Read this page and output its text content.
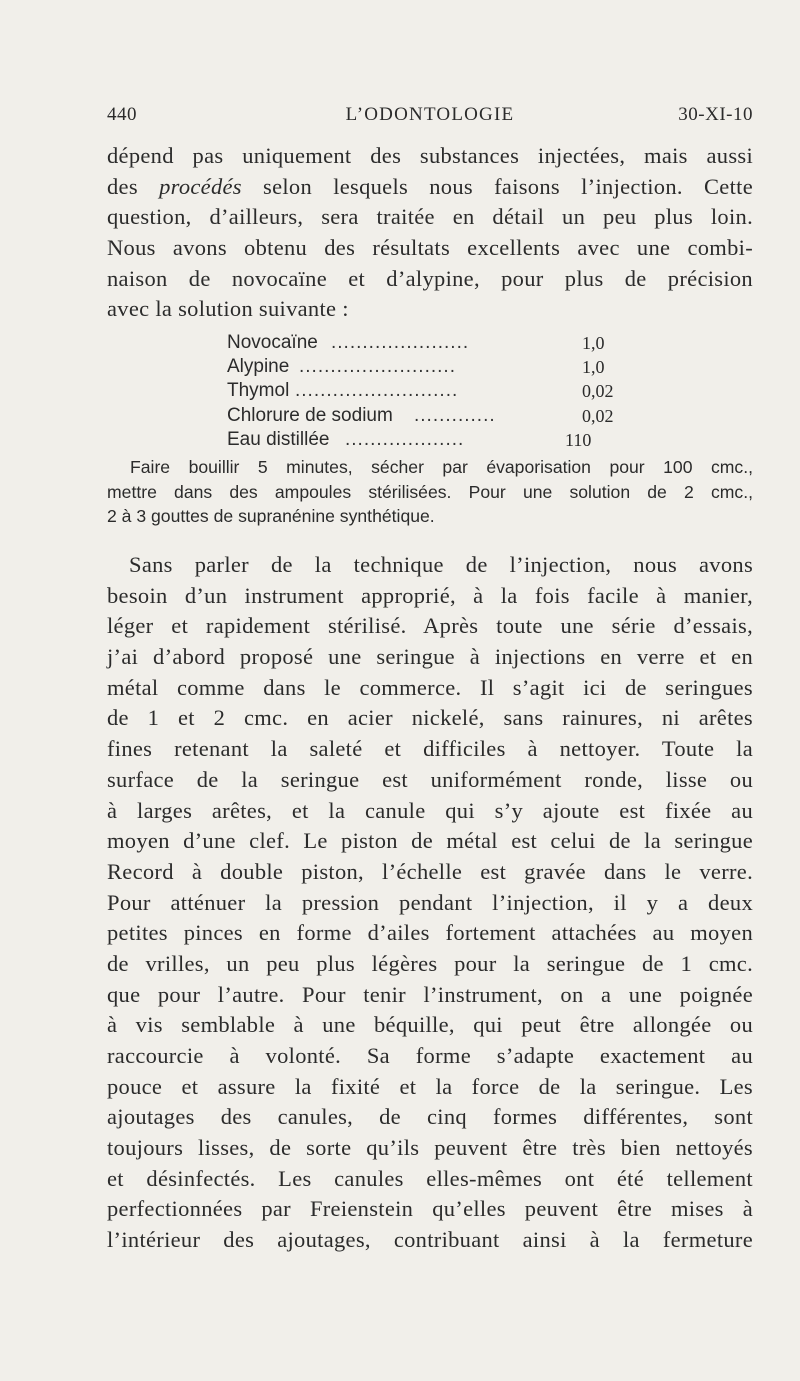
440	L’ODONTOLOGIE	30-XI-10

dépend pas uniquement des substances injectées, mais aussi
des procédés selon lesquels nous faisons l’injection. Cette
question, d’ailleurs, sera traitée en détail un peu plus loin.
Nous avons obtenu des résultats excellents avec une combi-
naison de novocaïne et d’alypine, pour plus de précision
avec la solution suivante :

Novocaïne ......................	1,0
Alypine .........................	1,0
Thymol ..........................	0,02
Chlorure de sodium .............	0,02
Eau distillée ...................	110
Faire bouillir 5 minutes, sécher par évaporisation pour 100 cmc.,
mettre dans des ampoules stérilisées. Pour une solution de 2 cmc.,
2 à 3 gouttes de supranénine synthétique.

Sans parler de la technique de l’injection, nous avons
besoin d’un instrument approprié, à la fois facile à manier,
léger et rapidement stérilisé. Après toute une série d’essais,
j’ai d’abord proposé une seringue à injections en verre et en
métal comme dans le commerce. Il s’agit ici de seringues
de 1 et 2 cmc. en acier nickelé, sans rainures, ni arêtes
fines retenant la saleté et difficiles à nettoyer. Toute la
surface de la seringue est uniformément ronde, lisse ou
à larges arêtes, et la canule qui s’y ajoute est fixée au
moyen d’une clef. Le piston de métal est celui de la seringue
Record à double piston, l’échelle est gravée dans le verre.
Pour atténuer la pression pendant l’injection, il y a deux
petites pinces en forme d’ailes fortement attachées au moyen
de vrilles, un peu plus légères pour la seringue de 1 cmc.
que pour l’autre. Pour tenir l’instrument, on a une poignée
à vis semblable à une béquille, qui peut être allongée ou
raccourcie à volonté. Sa forme s’adapte exactement au
pouce et assure la fixité et la force de la seringue. Les
ajoutages des canules, de cinq formes différentes, sont
toujours lisses, de sorte qu’ils peuvent être très bien nettoyés
et désinfectés. Les canules elles-mêmes ont été tellement
perfectionnées par Freienstein qu’elles peuvent être mises à
l’intérieur des ajoutages, contribuant ainsi à la fermeture
